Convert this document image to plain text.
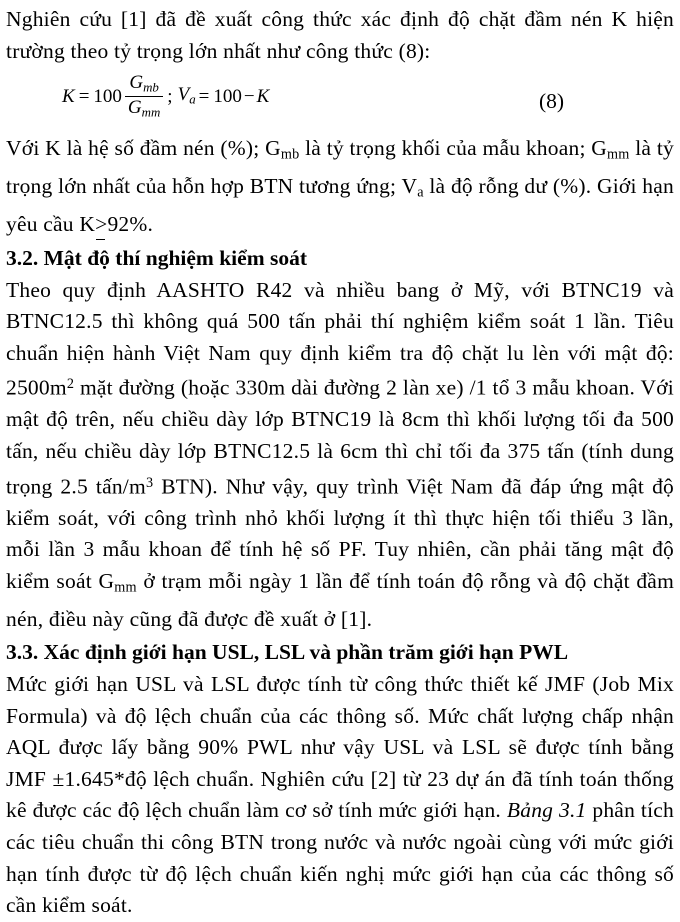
Nghiên cứu [1] đã đề xuất công thức xác định độ chặt đầm nén K hiện trường theo tỷ trọng lớn nhất như công thức (8):

$K = 100 \frac{G_{mb}}{G_{mm}}$ ; $V_a = 100 - K$	(8)

Với K là hệ số đầm nén (%); Gmb là tỷ trọng khối của mẫu khoan; Gmm là tỷ trọng lớn nhất của hỗn hợp BTN tương ứng; Va là độ rỗng dư (%). Giới hạn yêu cầu K>92%.

3.2. Mật độ thí nghiệm kiểm soát

Theo quy định AASHTO R42 và nhiều bang ở Mỹ, với BTNC19 và BTNC12.5 thì không quá 500 tấn phải thí nghiệm kiểm soát 1 lần. Tiêu chuẩn hiện hành Việt Nam quy định kiểm tra độ chặt lu lèn với mật độ: $2500m^2$ mặt đường (hoặc 330m dài đường 2 làn xe) /1 tổ 3 mẫu khoan. Với mật độ trên, nếu chiều dày lớp BTNC19 là 8cm thì khối lượng tối đa 500 tấn, nếu chiều dày lớp BTNC12.5 là 6cm thì chỉ tối đa 375 tấn (tính dung trọng 2.5 tấn/$m^3$ BTN). Như vậy, quy trình Việt Nam đã đáp ứng mật độ kiểm soát, với công trình nhỏ khối lượng ít thì thực hiện tối thiểu 3 lần, mỗi lần 3 mẫu khoan để tính hệ số PF. Tuy nhiên, cần phải tăng mật độ kiểm soát Gmm ở trạm mỗi ngày 1 lần để tính toán độ rỗng và độ chặt đầm nén, điều này cũng đã được đề xuất ở [1].

3.3. Xác định giới hạn USL, LSL và phần trăm giới hạn PWL

Mức giới hạn USL và LSL được tính từ công thức thiết kế JMF (Job Mix Formula) và độ lệch chuẩn của các thông số. Mức chất lượng chấp nhận AQL được lấy bằng 90% PWL như vậy USL và LSL sẽ được tính bằng JMF ±1.645*độ lệch chuẩn. Nghiên cứu [2] từ 23 dự án đã tính toán thống kê được các độ lệch chuẩn làm cơ sở tính mức giới hạn. Bảng 3.1 phân tích các tiêu chuẩn thi công BTN trong nước và nước ngoài cùng với mức giới hạn tính được từ độ lệch chuẩn kiến nghị mức giới hạn của các thông số cần kiểm soát.
